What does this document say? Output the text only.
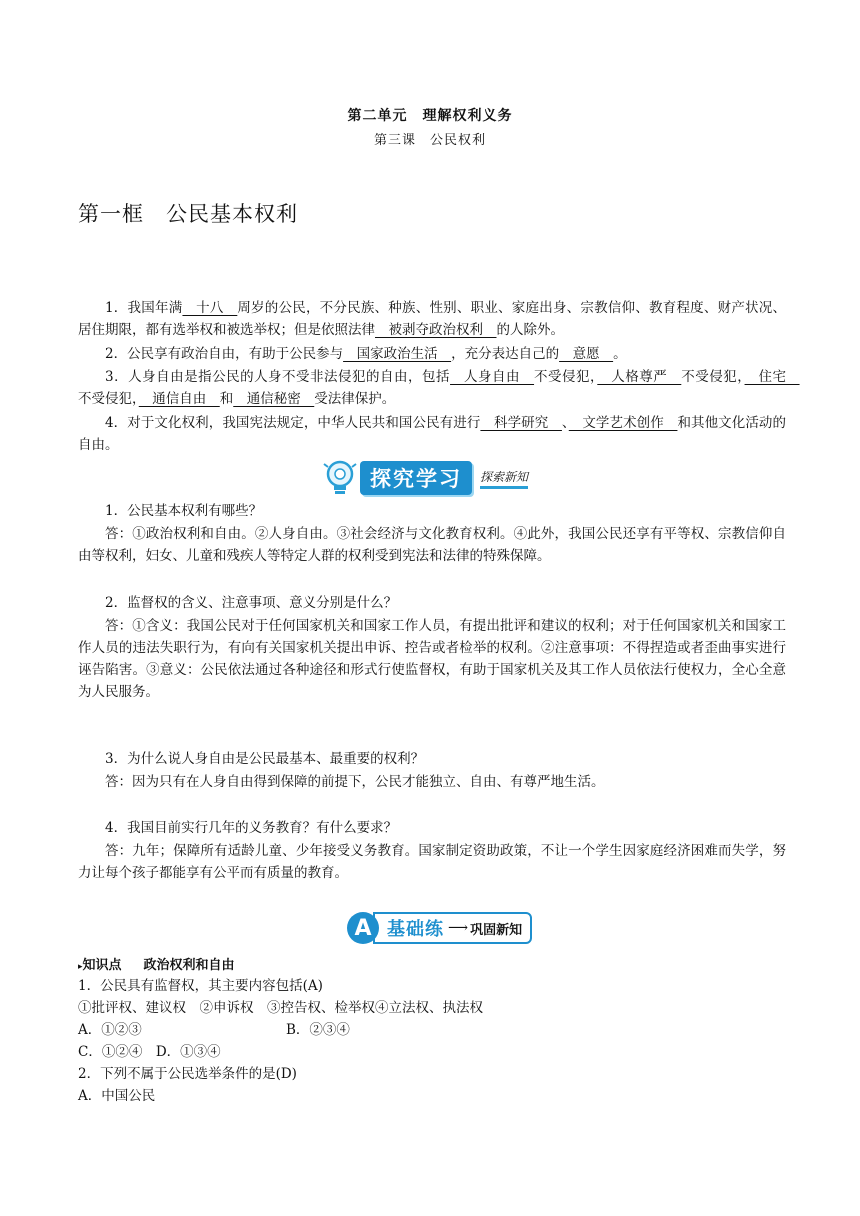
第二单元　理解权利义务
第三课　公民权利
第一框　公民基本权利
1．我国年满　十八　周岁的公民，不分民族、种族、性别、职业、家庭出身、宗教信仰、教育程度、财产状况、居住期限，都有选举权和被选举权；但是依照法律　被剥夺政治权利　的人除外。
2．公民享有政治自由，有助于公民参与　国家政治生活　，充分表达自己的　意愿　。
3．人身自由是指公民的人身不受非法侵犯的自由，包括　人身自由　不受侵犯，　人格尊严　不受侵犯，　住宅　不受侵犯，　通信自由　和　通信秘密　受法律保护。
4．对于文化权利，我国宪法规定，中华人民共和国公民有进行　科学研究　、　文学艺术创作　和其他文化活动的自由。
探究学习	探索新知
1．公民基本权利有哪些？
答：①政治权利和自由。②人身自由。③社会经济与文化教育权利。④此外，我国公民还享有平等权、宗教信仰自由等权利，妇女、儿童和残疾人等特定人群的权利受到宪法和法律的特殊保障。
2．监督权的含义、注意事项、意义分别是什么？
答：①含义：我国公民对于任何国家机关和国家工作人员，有提出批评和建议的权利；对于任何国家机关和国家工作人员的违法失职行为，有向有关国家机关提出申诉、控告或者检举的权利。②注意事项：不得捏造或者歪曲事实进行诬告陷害。③意义：公民依法通过各种途径和形式行使监督权，有助于国家机关及其工作人员依法行使权力，全心全意为人民服务。
3．为什么说人身自由是公民最基本、最重要的权利？
答：因为只有在人身自由得到保障的前提下，公民才能独立、自由、有尊严地生活。
4．我国目前实行几年的义务教育？有什么要求？
答：九年；保障所有适龄儿童、少年接受义务教育。国家制定资助政策，不让一个学生因家庭经济困难而失学，努力让每个孩子都能享有公平而有质量的教育。
A 基础练 ⟶ 巩固新知
▸知识点 政治权利和自由
1．公民具有监督权，其主要内容包括(A)
①批评权、建议权　②申诉权　③控告权、检举权④立法权、执法权
A．①②③	B．②③④
C．①②④　D．①③④
2．下列不属于公民选举条件的是(D)
A．中国公民
